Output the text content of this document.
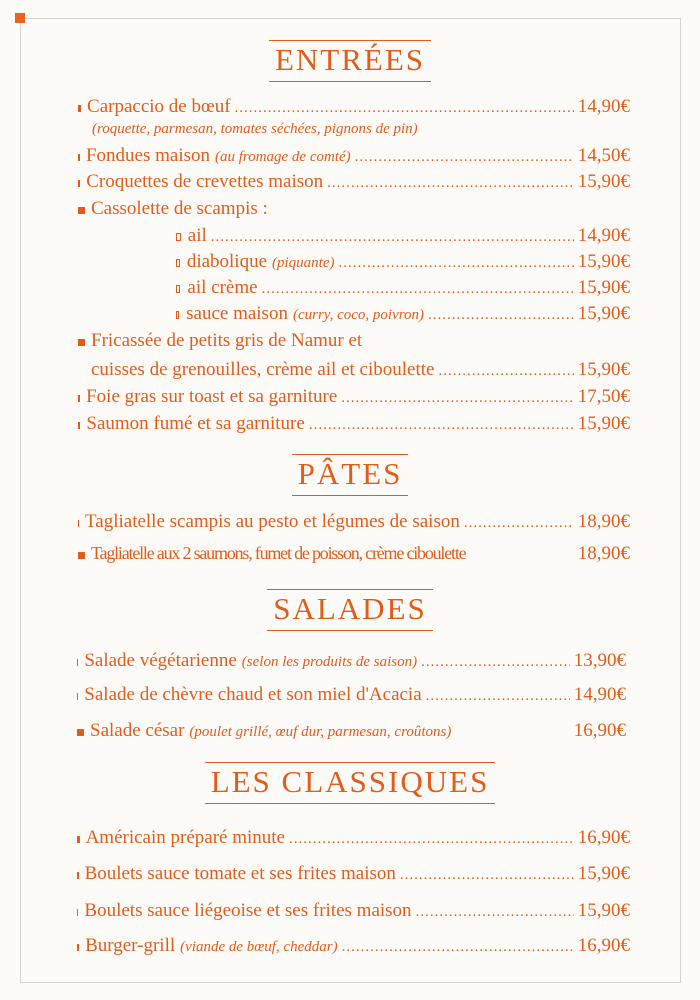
ENTRÉES
Carpaccio de bœuf .....	14,90€
(roquette, parmesan, tomates séchées, pignons de pin)
Fondues maison (au fromage de comté) .....	14,50€
Croquettes de crevettes maison .....	15,90€
Cassolette de scampis :
ail .....	14,90€
diabolique (piquante) .....	15,90€
ail crème .....	15,90€
sauce maison (curry, coco, poivron) .....	15,90€
Fricassée de petits gris de Namur et
cuisses de grenouilles, crème ail et ciboulette .....	15,90€
Foie gras sur toast et sa garniture .....	17,50€
Saumon fumé et sa garniture .....	15,90€
PÂTES
Tagliatelle scampis au pesto et légumes de saison .....	18,90€
Tagliatelle aux 2 saumons, fumet de poisson, crème ciboulette	18,90€
SALADES
Salade végétarienne (selon les produits de saison) .....	13,90€
Salade de chèvre chaud et son miel d'Acacia .....	14,90€
Salade césar (poulet grillé, œuf dur, parmesan, croûtons)	16,90€
LES CLASSIQUES
Américain préparé minute .....	16,90€
Boulets sauce tomate et ses frites maison .....	15,90€
Boulets sauce liégeoise et ses frites maison .....	15,90€
Burger-grill (viande de bœuf, cheddar) .....	16,90€
